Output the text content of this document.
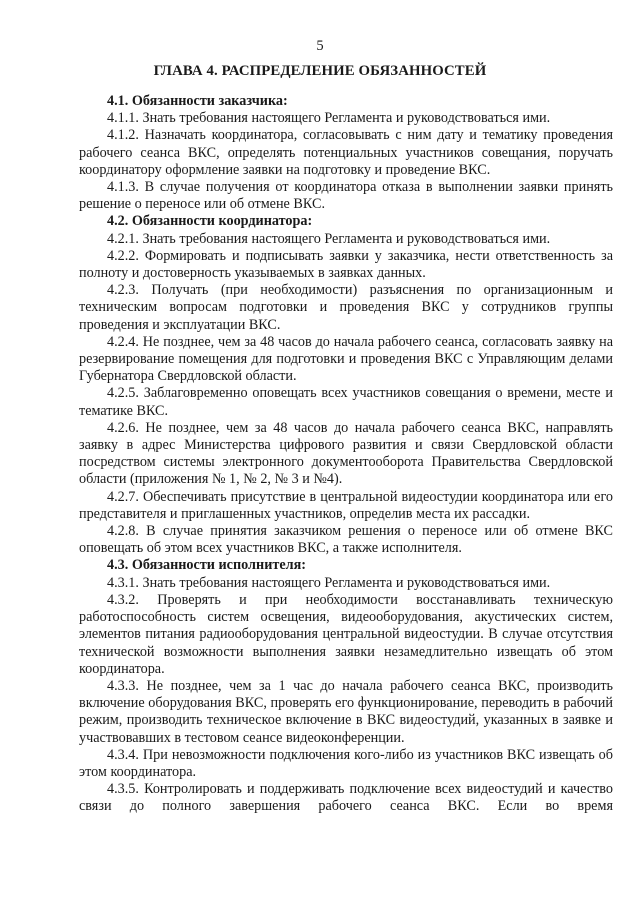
5
ГЛАВА 4. РАСПРЕДЕЛЕНИЕ ОБЯЗАННОСТЕЙ
4.1. Обязанности заказчика:

4.1.1. Знать требования настоящего Регламента и руководствоваться ими.

4.1.2. Назначать координатора, согласовывать с ним дату и тематику проведения рабочего сеанса ВКС, определять потенциальных участников совещания, поручать координатору оформление заявки на подготовку и проведение ВКС.

4.1.3. В случае получения от координатора отказа в выполнении заявки принять решение о переносе или об отмене ВКС.

4.2. Обязанности координатора:

4.2.1. Знать требования настоящего Регламента и руководствоваться ими.

4.2.2. Формировать и подписывать заявки у заказчика, нести ответственность за полноту и достоверность указываемых в заявках данных.

4.2.3. Получать (при необходимости) разъяснения по организационным и техническим вопросам подготовки и проведения ВКС у сотрудников группы проведения и эксплуатации ВКС.

4.2.4. Не позднее, чем за 48 часов до начала рабочего сеанса, согласовать заявку на резервирование помещения для подготовки и проведения ВКС с Управляющим делами Губернатора Свердловской области.

4.2.5. Заблаговременно оповещать всех участников совещания о времени, месте и тематике ВКС.

4.2.6. Не позднее, чем за 48 часов до начала рабочего сеанса ВКС, направлять заявку в адрес Министерства цифрового развития и связи Свердловской области посредством системы электронного документооборота Правительства Свердловской области (приложения № 1, № 2, № 3 и №4).

4.2.7. Обеспечивать присутствие в центральной видеостудии координатора или его представителя и приглашенных участников, определив места их рассадки.

4.2.8. В случае принятия заказчиком решения о переносе или об отмене ВКС оповещать об этом всех участников ВКС, а также исполнителя.

4.3. Обязанности исполнителя:

4.3.1. Знать требования настоящего Регламента и руководствоваться ими.

4.3.2. Проверять и при необходимости восстанавливать техническую работоспособность систем освещения, видеооборудования, акустических систем, элементов питания радиооборудования центральной видеостудии. В случае отсутствия технической возможности выполнения заявки незамедлительно извещать об этом координатора.

4.3.3. Не позднее, чем за 1 час до начала рабочего сеанса ВКС, производить включение оборудования ВКС, проверять его функционирование, переводить в рабочий режим, производить техническое включение в ВКС видеостудий, указанных в заявке и участвовавших в тестовом сеансе видеоконференции.

4.3.4. При невозможности подключения кого-либо из участников ВКС извещать об этом координатора.

4.3.5. Контролировать и поддерживать подключение всех видеостудий и качество связи до полного завершения рабочего сеанса ВКС. Если во время
